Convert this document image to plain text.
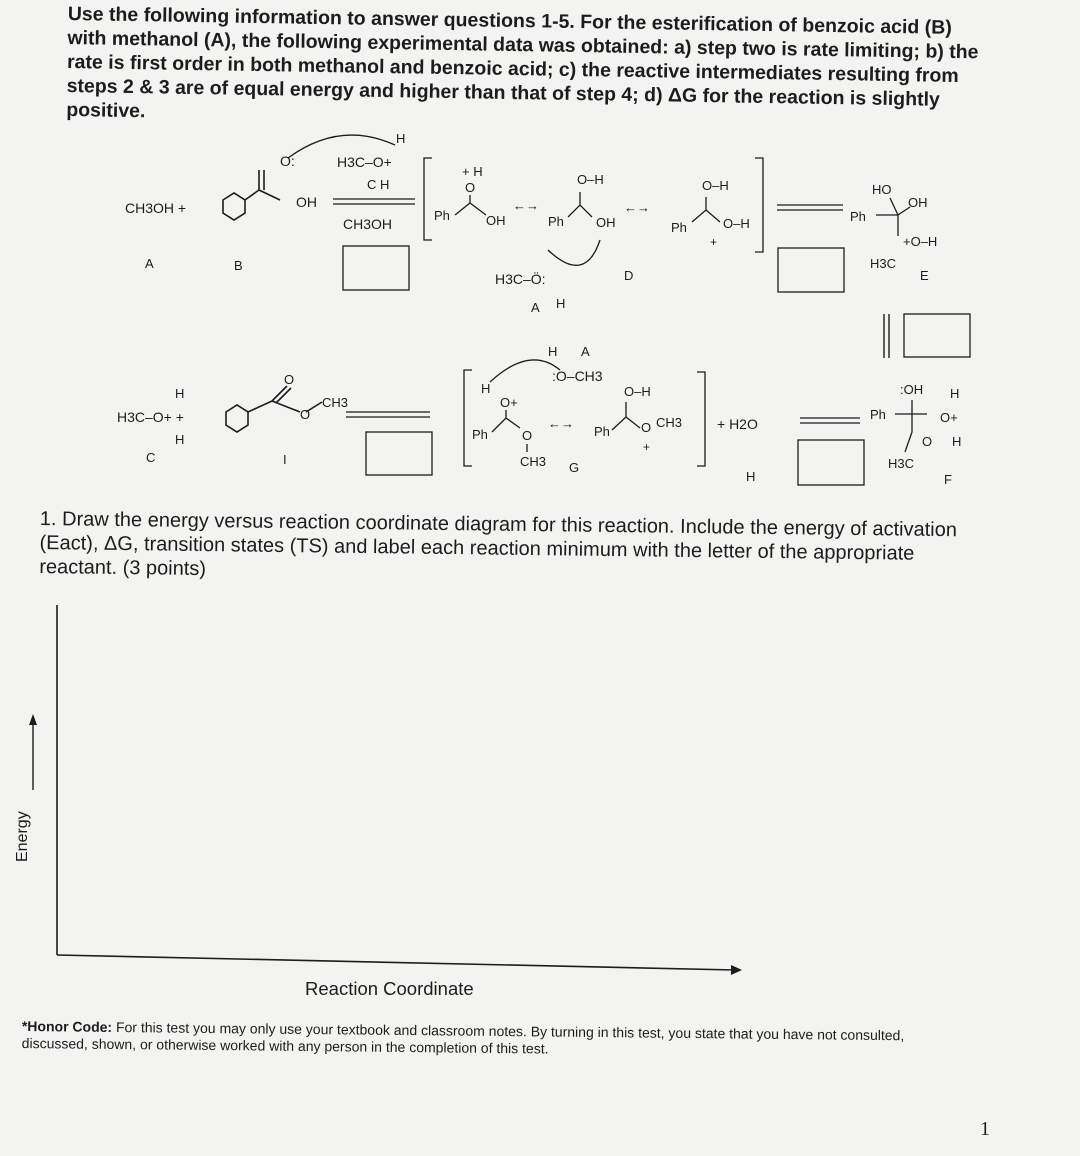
Use the following information to answer questions 1-5. For the esterification of benzoic acid (B) with methanol (A), the following experimental data was obtained: a) step two is rate limiting; b) the rate is first order in both methanol and benzoic acid; c) the reactive intermediates resulting from steps 2 & 3 are of equal energy and higher than that of step 4; d) ΔG for the reaction is slightly positive.
CH3OH +
A
O:
OH
B
H
H3C–O+
C H
CH3OH
Ph
+ H
O
OH
←→
Ph
O–H
OH
←→
Ph
O–H
O–H
+
H3C–Ö:
A H
D
HO
OH
Ph
+O–H
H3C
E
H
H3C–O+ +
H
C
O
O
CH3
I
H
O+
H A
:O–CH3
Ph	O
CH3 G
←→
O–H
Ph O CH3
+
+ H2O
H
:OH H
Ph	O+
O H
H3C
F
1. Draw the energy versus reaction coordinate diagram for this reaction. Include the energy of activation (Eact), ΔG, transition states (TS) and label each reaction minimum with the letter of the appropriate reactant. (3 points)
Energy
Reaction Coordinate
*Honor Code: For this test you may only use your textbook and classroom notes. By turning in this test, you state that you have not consulted, discussed, shown, or otherwise worked with any person in the completion of this test.
1
